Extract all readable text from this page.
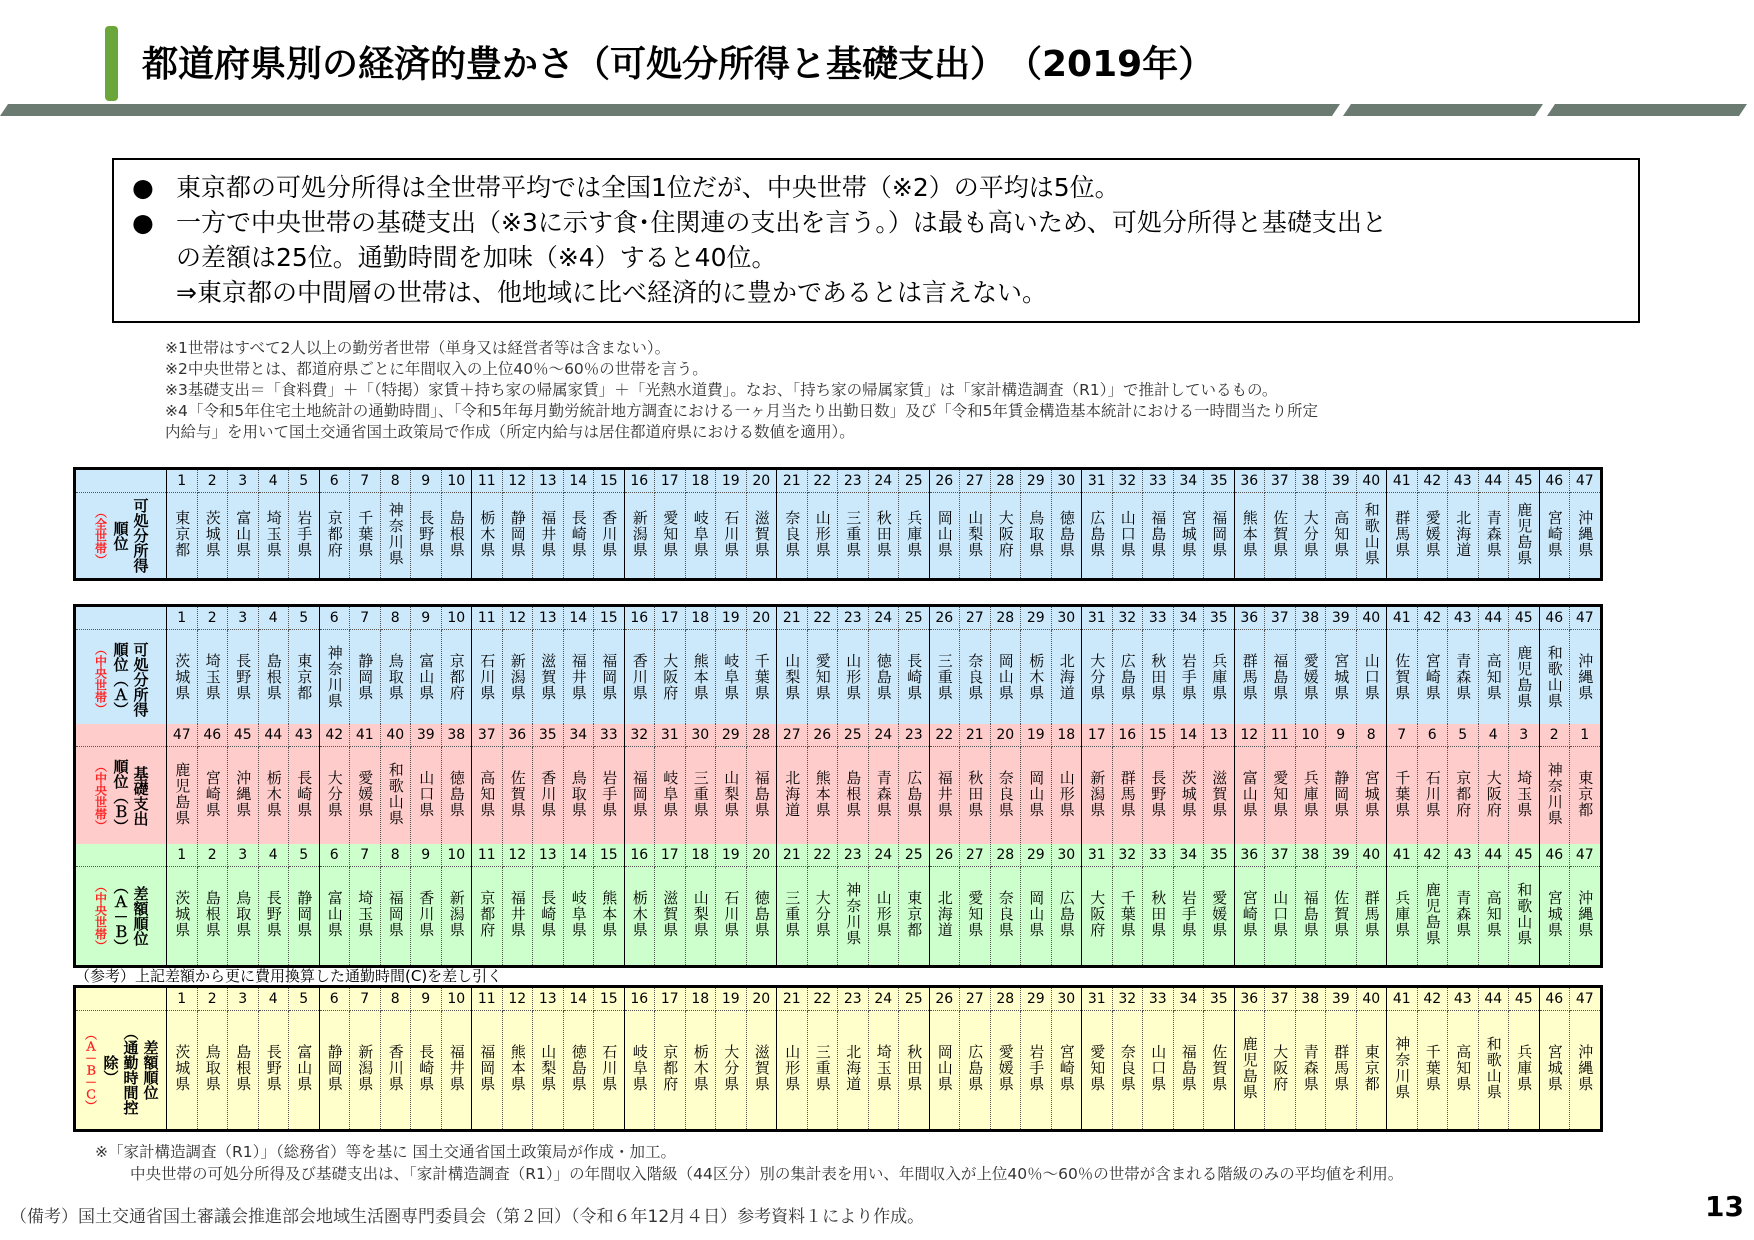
都道府県別の経済的豊かさ（可処分所得と基礎支出）　（2019年）
● 東京都の可処分所得は全世帯平均では全国1位だが、中央世帯（※2）の平均は5位。
● 一方で中央世帯の基礎支出（※3に示す食･住関連の支出を言う。）は最も高いため、可処分所得と基礎支出と
の差額は25位。通勤時間を加味（※4）すると40位。
⇒東京都の中間層の世帯は、他地域に比べ経済的に豊かであるとは言えない。
※1世帯はすべて2人以上の勤労者世帯（単身又は経営者等は含まない）。
※2中央世帯とは、都道府県ごとに年間収入の上位40％～60％の世帯を言う。
※3基礎支出＝「食料費」＋「（特掲）家賃＋持ち家の帰属家賃」＋「光熱水道費」。なお、「持ち家の帰属家賃」は「家計構造調査（R1）」で推計しているもの。
※4「令和5年住宅土地統計の通勤時間」、「令和5年毎月勤労統計地方調査における一ヶ月当たり出勤日数」及び「令和5年賃金構造基本統計における一時間当たり所定
内給与」を用いて国土交通省国土政策局で作成（所定内給与は居住都道府県における数値を適用）。
	1	2	3	4	5	6	7	8	9	10	11	12	13	14	15	16	17	18	19	20	21	22	23	24	25	26	27	28	29	30	31	32	33	34	35	36	37	38	39	40	41	42	43	44	45	46	47

（全世帯） 順位 可処分所得	東京都	茨城県	富山県	埼玉県	岩手県	京都府	千葉県	神奈川県	長野県	島根県	栃木県	静岡県	福井県	長崎県	香川県	新潟県	愛知県	岐阜県	石川県	滋賀県	奈良県	山形県	三重県	秋田県	兵庫県	岡山県	山梨県	大阪府	鳥取県	徳島県	広島県	山口県	福島県	宮城県	福岡県	熊本県	佐賀県	大分県	高知県	和歌山県	群馬県	愛媛県	北海道	青森県	鹿児島県	宮崎県	沖縄県
	1	2	3	4	5	6	7	8	9	10	11	12	13	14	15	16	17	18	19	20	21	22	23	24	25	26	27	28	29	30	31	32	33	34	35	36	37	38	39	40	41	42	43	44	45	46	47

（中央世帯） 順位（Ａ） 可処分所得	茨城県	埼玉県	長野県	島根県	東京都	神奈川県	静岡県	鳥取県	富山県	京都府	石川県	新潟県	滋賀県	福井県	福岡県	香川県	大阪府	熊本県	岐阜県	千葉県	山梨県	愛知県	山形県	徳島県	長崎県	三重県	奈良県	岡山県	栃木県	北海道	大分県	広島県	秋田県	岩手県	兵庫県	群馬県	福島県	愛媛県	宮城県	山口県	佐賀県	宮崎県	青森県	高知県	鹿児島県	和歌山県	沖縄県
	47	46	45	44	43	42	41	40	39	38	37	36	35	34	33	32	31	30	29	28	27	26	25	24	23	22	21	20	19	18	17	16	15	14	13	12	11	10	9	8	7	6	5	4	3	2	1

（中央世帯） 順位（Ｂ） 基礎支出	鹿児島県	宮崎県	沖縄県	栃木県	長崎県	大分県	愛媛県	和歌山県	山口県	徳島県	高知県	佐賀県	香川県	鳥取県	岩手県	福岡県	岐阜県	三重県	山梨県	福島県	北海道	熊本県	島根県	青森県	広島県	福井県	秋田県	奈良県	岡山県	山形県	新潟県	群馬県	長野県	茨城県	滋賀県	富山県	愛知県	兵庫県	静岡県	宮城県	千葉県	石川県	京都府	大阪府	埼玉県	神奈川県	東京都
	1	2	3	4	5	6	7	8	9	10	11	12	13	14	15	16	17	18	19	20	21	22	23	24	25	26	27	28	29	30	31	32	33	34	35	36	37	38	39	40	41	42	43	44	45	46	47

（中央世帯） （Ａ－Ｂ） 差額順位	茨城県	島根県	鳥取県	長野県	静岡県	富山県	埼玉県	福岡県	香川県	新潟県	京都府	福井県	長崎県	岐阜県	熊本県	栃木県	滋賀県	山梨県	石川県	徳島県	三重県	大分県	神奈川県	山形県	東京都	北海道	愛知県	奈良県	岡山県	広島県	大阪府	千葉県	秋田県	岩手県	愛媛県	宮崎県	山口県	福島県	佐賀県	群馬県	兵庫県	鹿児島県	青森県	高知県	和歌山県	宮城県	沖縄県
	1	2	3	4	5	6	7	8	9	10	11	12	13	14	15	16	17	18	19	20	21	22	23	24	25	26	27	28	29	30	31	32	33	34	35	36	37	38	39	40	41	42	43	44	45	46	47

（Ａ－Ｂ－Ｃ） 除） （通勤時間控 差額順位	茨城県	鳥取県	島根県	長野県	富山県	静岡県	新潟県	香川県	長崎県	福井県	福岡県	熊本県	山梨県	徳島県	石川県	岐阜県	京都府	栃木県	大分県	滋賀県	山形県	三重県	北海道	埼玉県	秋田県	岡山県	広島県	愛媛県	岩手県	宮崎県	愛知県	奈良県	山口県	福島県	佐賀県	鹿児島県	大阪府	青森県	群馬県	東京都	神奈川県	千葉県	高知県	和歌山県	兵庫県	宮城県	沖縄県
（参考）上記差額から更に費用換算した通勤時間(C)を差し引く
※「家計構造調査（R1）」（総務省）等を基に 国土交通省国土政策局が作成・加工。
中央世帯の可処分所得及び基礎支出は、「家計構造調査（R1）」の年間収入階級（44区分）別の集計表を用い、年間収入が上位40％～60％の世帯が含まれる階級のみの平均値を利用。
（備考）国土交通省国土審議会推進部会地域生活圏専門委員会（第２回）（令和６年12月４日）参考資料１により作成。	13
